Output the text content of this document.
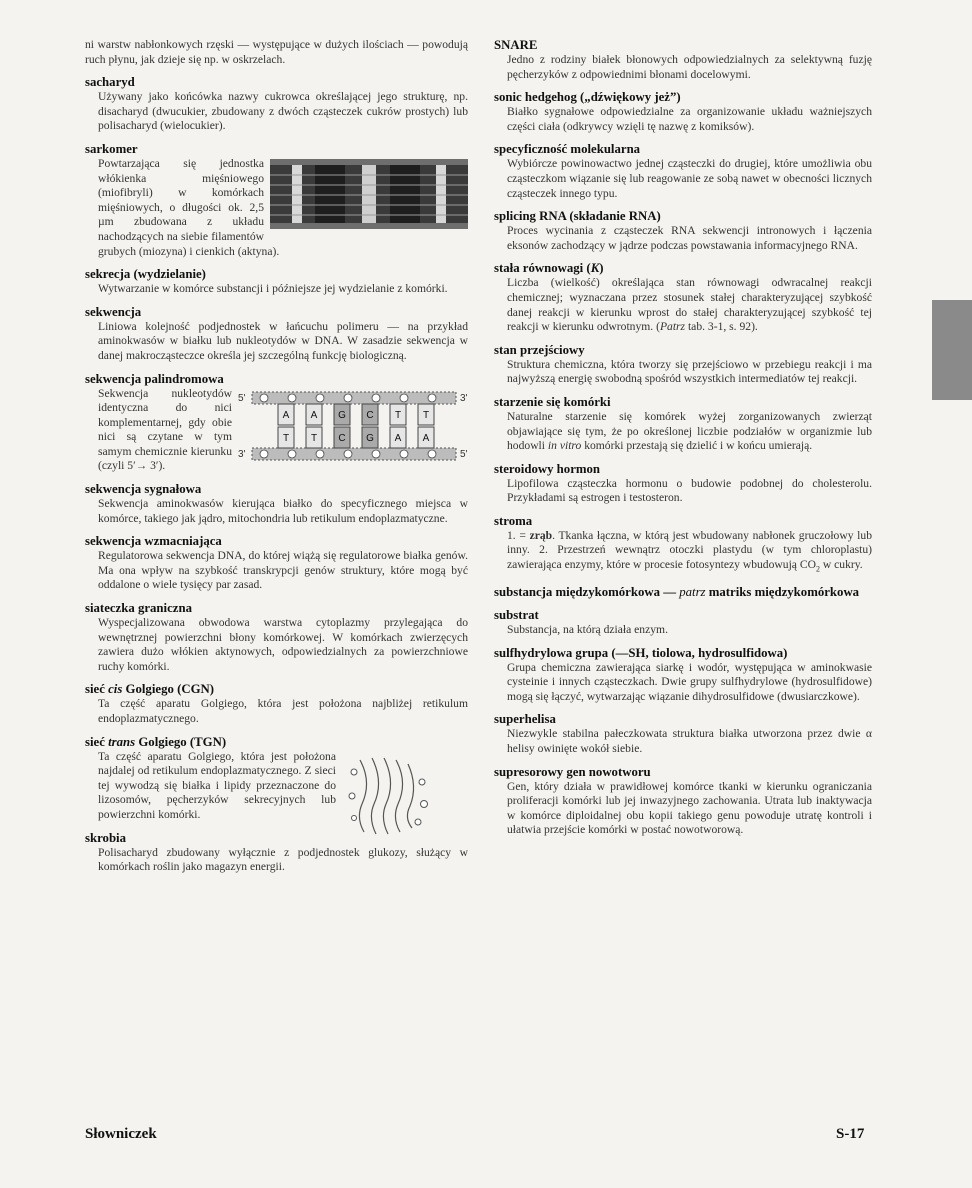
ni warstw nabłonkowych rzęski — występujące w dużych ilościach — powodują ruch płynu, jak dzieje się np. w oskrzelach.

sacharyd

Używany jako końcówka nazwy cukrowca określającej jego strukturę, np. disacharyd (dwucukier, zbudowany z dwóch cząsteczek cukrów prostych) lub polisacharyd (wielocukier).

sarkomer

Powtarzająca się jednostka włókienka mięśniowego (miofibryli) w komórkach mięśniowych, o długości ok. 2,5 µm zbudowana z układu nachodzących na siebie filamentów grubych (miozyna) i cienkich (aktyna).

sekrecja (wydzielanie)

Wytwarzanie w komórce substancji i późniejsze jej wydzielanie z komórki.

sekwencja

Liniowa kolejność podjednostek w łańcuchu polimeru — na przykład aminokwasów w białku lub nukleotydów w DNA. W zasadzie sekwencja w danej makrocząsteczce określa jej szczególną funkcję biologiczną.

sekwencja palindromowa

5'	3'
3'	5'
A
T
A
T
G
C
C
G
T
A
T
A

Sekwencja nukleotydów identyczna do nici komplementarnej, gdy obie nici są czytane w tym samym chemicznie kierunku (czyli 5′→ 3′).

sekwencja sygnałowa

Sekwencja aminokwasów kierująca białko do specyficznego miejsca w komórce, takiego jak jądro, mitochondria lub retikulum endoplazmatyczne.

sekwencja wzmacniająca

Regulatorowa sekwencja DNA, do której wiążą się regulatorowe białka genów. Ma ona wpływ na szybkość transkrypcji genów struktury, które mogą być oddalone o wiele tysięcy par zasad.

siateczka graniczna

Wyspecjalizowana obwodowa warstwa cytoplazmy przylegająca do wewnętrznej powierzchni błony komórkowej. W komórkach zwierzęcych zawiera dużo włókien aktynowych, odpowiedzialnych za powierzchniowe ruchy komórki.

sieć cis Golgiego (CGN)

Ta część aparatu Golgiego, która jest położona najbliżej retikulum endoplazmatycznego.

sieć trans Golgiego (TGN)

Ta część aparatu Golgiego, która jest położona najdalej od retikulum endoplazmatycznego. Z sieci tej wywodzą się białka i lipidy przeznaczone do lizosomów, pęcherzyków sekrecyjnych lub powierzchni komórki.

skrobia

Polisacharyd zbudowany wyłącznie z podjednostek glukozy, służący w komórkach roślin jako magazyn energii.

SNARE

Jedno z rodziny białek błonowych odpowiedzialnych za selektywną fuzję pęcherzyków z odpowiednimi błonami docelowymi.

sonic hedgehog („dźwiękowy jeż”)

Białko sygnałowe odpowiedzialne za organizowanie układu ważniejszych części ciała (odkrywcy wzięli tę nazwę z komiksów).

specyficzność molekularna

Wybiórcze powinowactwo jednej cząsteczki do drugiej, które umożliwia obu cząsteczkom wiązanie się lub reagowanie ze sobą nawet w obecności licznych cząsteczek innego typu.

splicing RNA (składanie RNA)

Proces wycinania z cząsteczek RNA sekwencji intronowych i łączenia eksonów zachodzący w jądrze podczas powstawania informacyjnego RNA.

stała równowagi (K)

Liczba (wielkość) określająca stan równowagi odwracalnej reakcji chemicznej; wyznaczana przez stosunek stałej charakteryzującej szybkość danej reakcji w kierunku wprost do stałej charakteryzującej szybkość tej reakcji w kierunku odwrotnym. (Patrz tab. 3-1, s. 92).

stan przejściowy

Struktura chemiczna, która tworzy się przejściowo w przebiegu reakcji i ma najwyższą energię swobodną spośród wszystkich intermediatów tej reakcji.

starzenie się komórki

Naturalne starzenie się komórek wyżej zorganizowanych zwierząt objawiające się tym, że po określonej liczbie podziałów w organizmie lub hodowli in vitro komórki przestają się dzielić i w końcu umierają.

steroidowy hormon

Lipofilowa cząsteczka hormonu o budowie podobnej do cholesterolu. Przykładami są estrogen i testosteron.

stroma

1. = zrąb. Tkanka łączna, w którą jest wbudowany nabłonek gruczołowy lub inny. 2. Przestrzeń wewnątrz otoczki plastydu (w tym chloroplastu) zawierająca enzymy, które w procesie fotosyntezy wbudowują $CO_2$ w cukry.

substancja międzykomórkowa — patrz matriks międzykomórkowa

substrat

Substancja, na którą działa enzym.

sulfhydrylowa grupa (—SH, tiolowa, hydrosulfidowa)

Grupa chemiczna zawierająca siarkę i wodór, występująca w aminokwasie cysteinie i innych cząsteczkach. Dwie grupy sulfhydrylowe (hydrosulfidowe) mogą się łączyć, wytwarzając wiązanie dihydrosulfidowe (dwusiarczkowe).

superhelisa

Niezwykle stabilna pałeczkowata struktura białka utworzona przez dwie α helisy owinięte wokół siebie.

supresorowy gen nowotworu

Gen, który działa w prawidłowej komórce tkanki w kierunku ograniczania proliferacji komórki lub jej inwazyjnego zachowania. Utrata lub inaktywacja w komórce diploidalnej obu kopii takiego genu powoduje utratę kontroli i ułatwia przejście komórki w postać nowotworową.

Słowniczek	S-17
